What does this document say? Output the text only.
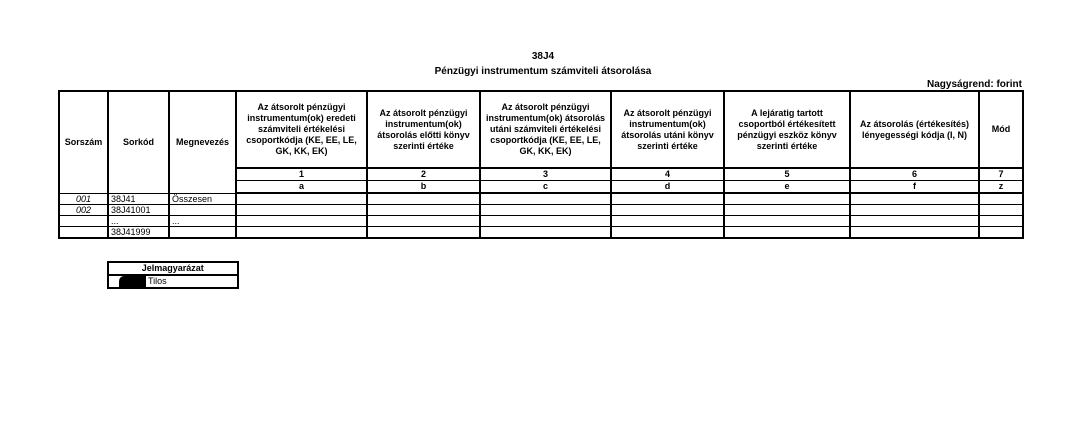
38J4
Pénzügyi instrumentum számviteli átsorolása
Nagyságrend: forint
Sorszám	Sorkód	Megnevezés	Az átsorolt pénzügyi instrumentum(ok) eredeti számviteli értékelési csoportkódja (KE, EE, LE, GK, KK, EK)	Az átsorolt pénzügyi instrumentum(ok) átsorolás előtti könyv szerinti értéke	Az átsorolt pénzügyi instrumentum(ok) átsorolás utáni számviteli értékelési csoportkódja (KE, EE, LE, GK, KK, EK)	Az átsorolt pénzügyi instrumentum(ok) átsorolás utáni könyv szerinti értéke	A lejáratig tartott csoportból értékesített pénzügyi eszköz könyv szerinti értéke	Az átsorolás (értékesítés) lényegességi kódja (I, N)	Mód
			1	2	3	4	5	6	7
			a	b	c	d	e	f	z
001	38J41	Összesen							
002	38J41001								
	...	...							
	38J41999								
Jelmagyarázat

	Tilos
